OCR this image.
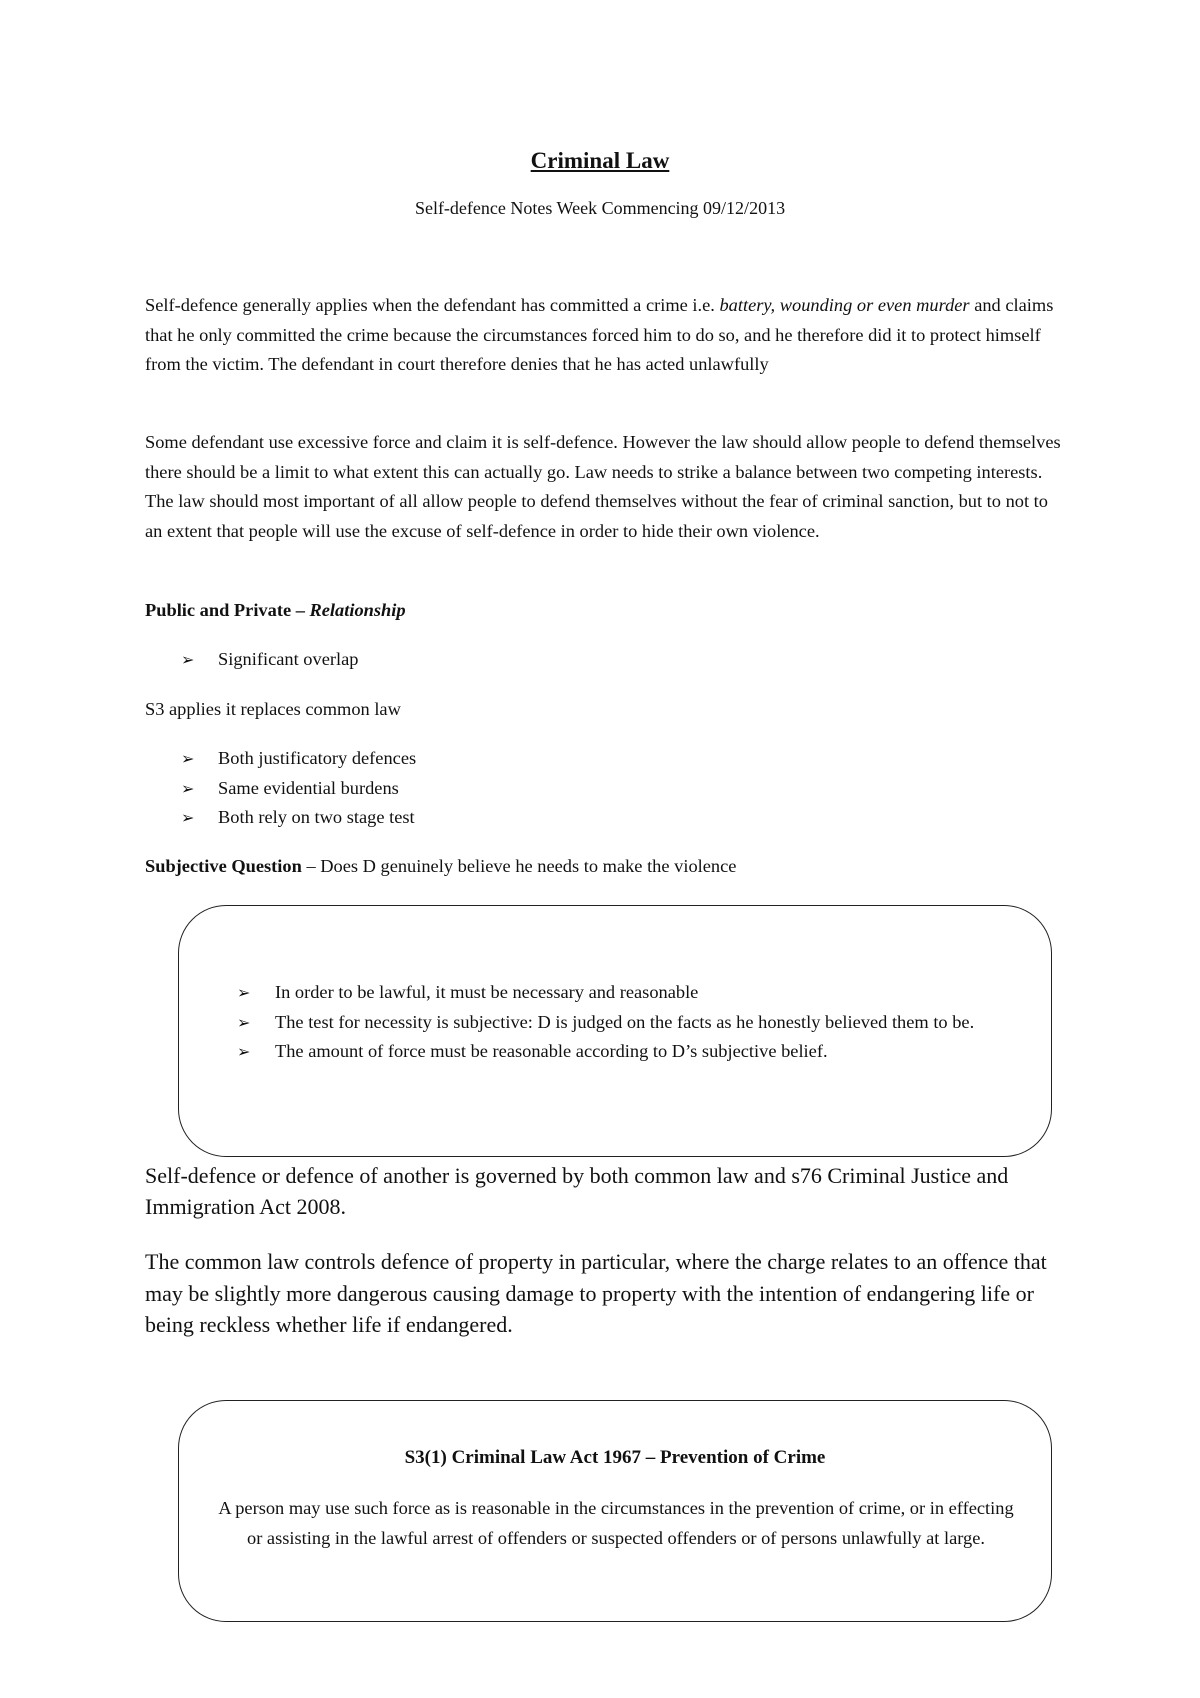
Criminal Law
Self-defence Notes Week Commencing 09/12/2013

Self-defence generally applies when the defendant has committed a crime i.e. battery, wounding or even murder and claims that he only committed the crime because the circumstances forced him to do so, and he therefore did it to protect himself from the victim. The defendant in court therefore denies that he has acted unlawfully

Some defendant use excessive force and claim it is self-defence. However the law should allow people to defend themselves there should be a limit to what extent this can actually go. Law needs to strike a balance between two competing interests. The law should most important of all allow people to defend themselves without the fear of criminal sanction, but to not to an extent that people will use the excuse of self-defence in order to hide their own violence.

Public and Private – Relationship

➢ Significant overlap

S3 applies it replaces common law

➢ Both justificatory defences
➢ Same evidential burdens
➢ Both rely on two stage test

Subjective Question – Does D genuinely believe he needs to make the violence

➢ In order to be lawful, it must be necessary and reasonable
➢ The test for necessity is subjective: D is judged on the facts as he honestly believed them to be.
➢ The amount of force must be reasonable according to D’s subjective belief.

Self-defence or defence of another is governed by both common law and s76 Criminal Justice and Immigration Act 2008.

The common law controls defence of property in particular, where the charge relates to an offence that may be slightly more dangerous causing damage to property with the intention of endangering life or being reckless whether life if endangered.

S3(1) Criminal Law Act 1967 – Prevention of Crime
A person may use such force as is reasonable in the circumstances in the prevention of crime, or in effecting or assisting in the lawful arrest of offenders or suspected offenders or of persons unlawfully at large.
